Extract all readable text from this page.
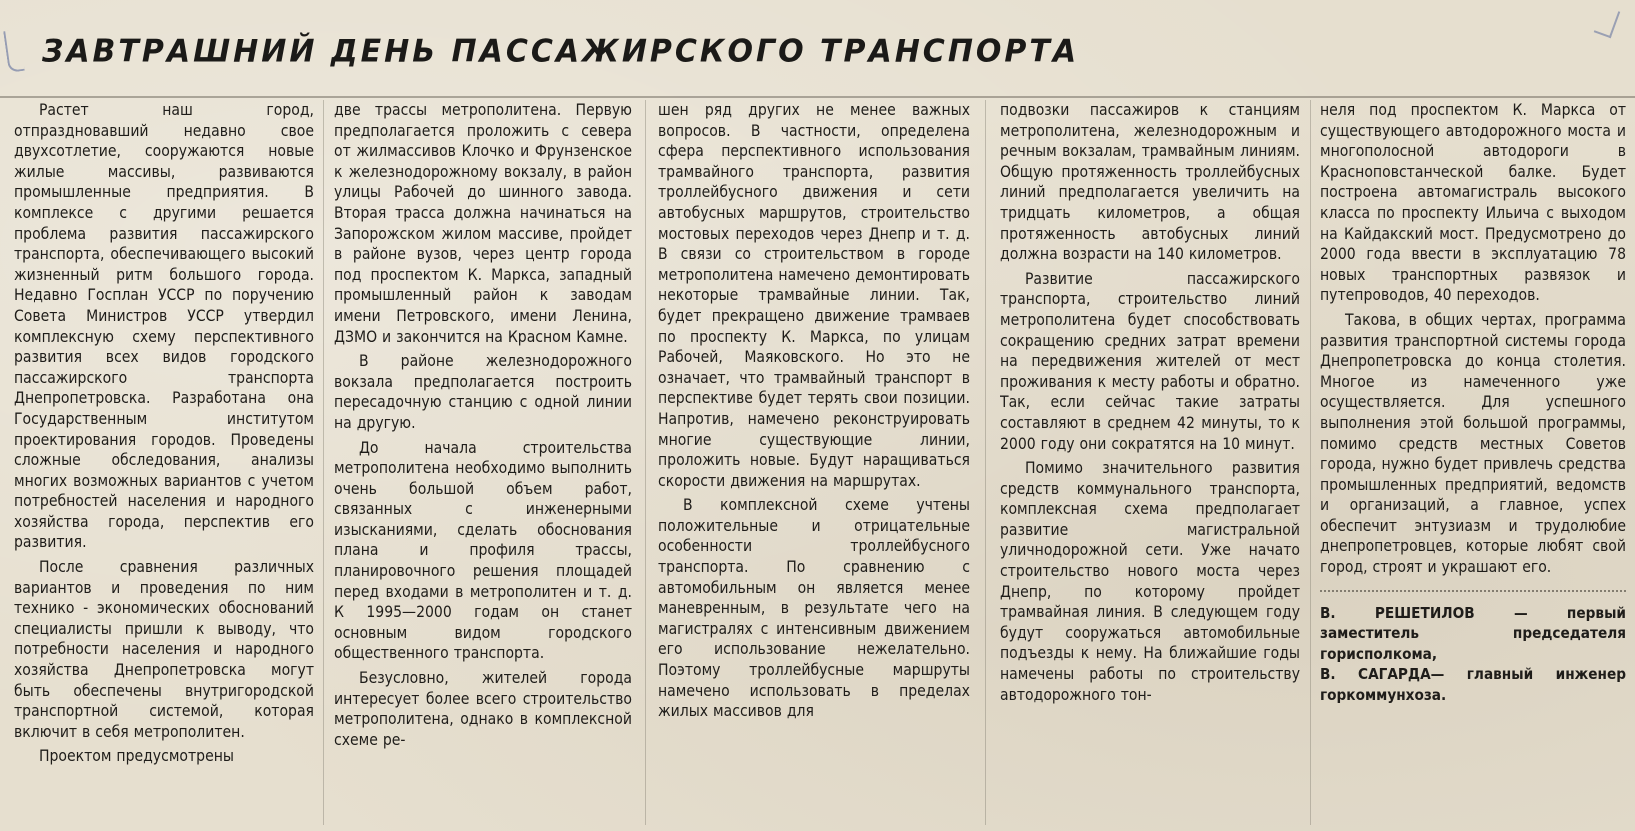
ЗАВТРАШНИЙ ДЕНЬ ПАССАЖИРСКОГО ТРАНСПОРТА

Растет наш город, отпраздновавший недавно свое двухсотлетие, сооружаются новые жилые массивы, развиваются промышленные предприятия. В комплексе с другими решается проблема развития пассажирского транспорта, обеспечивающего высокий жизненный ритм большого города. Недавно Госплан УССР по поручению Совета Министров УССР утвердил комплексную схему перспективного развития всех видов городского пассажирского транспорта Днепропетровска. Разработана она Государственным институтом проектирования городов. Проведены сложные обследования, анализы многих возможных вариантов с учетом потребностей населения и народного хозяйства города, перспектив его развития.

После сравнения различных вариантов и проведения по ним технико - экономических обоснований специалисты пришли к выводу, что потребности населения и народного хозяйства Днепропетровска могут быть обеспечены внутригородской транспортной системой, которая включит в себя метрополитен.

Проектом предусмотрены

две трассы метрополитена. Первую предполагается проложить с севера от жилмассивов Клочко и Фрунзенское к железнодорожному вокзалу, в район улицы Рабочей до шинного завода. Вторая трасса должна начинаться на Запорожском жилом массиве, пройдет в районе вузов, через центр города под проспектом К. Маркса, западный промышленный район к заводам имени Петровского, имени Ленина, ДЗМО и закончится на Красном Камне.

В районе железнодорожного вокзала предполагается построить пересадочную станцию с одной линии на другую.

До начала строительства метрополитена необходимо выполнить очень большой объем работ, связанных с инженерными изысканиями, сделать обоснования плана и профиля трассы, планировочного решения площадей перед входами в метрополитен и т. д. К 1995—2000 годам он станет основным видом городского общественного транспорта.

Безусловно, жителей города интересует более всего строительство метрополитена, однако в комплексной схеме ре-

шен ряд других не менее важных вопросов. В частности, определена сфера перспективного использования трамвайного транспорта, развития троллейбусного движения и сети автобусных маршрутов, строительство мостовых переходов через Днепр и т. д. В связи со строительством в городе метрополитена намечено демонтировать некоторые трамвайные линии. Так, будет прекращено движение трамваев по проспекту К. Маркса, по улицам Рабочей, Маяковского. Но это не означает, что трамвайный транспорт в перспективе будет терять свои позиции. Напротив, намечено реконструировать многие существующие линии, проложить новые. Будут наращиваться скорости движения на маршрутах.

В комплексной схеме учтены положительные и отрицательные особенности троллейбусного транспорта. По сравнению с автомобильным он является менее маневренным, в результате чего на магистралях с интенсивным движением его использование нежелательно. Поэтому троллейбусные маршруты намечено использовать в пределах жилых массивов для

подвозки пассажиров к станциям метрополитена, железнодорожным и речным вокзалам, трамвайным линиям. Общую протяженность троллейбусных линий предполагается увеличить на тридцать километров, а общая протяженность автобусных линий должна возрасти на 140 километров.

Развитие пассажирского транспорта, строительство линий метрополитена будет способствовать сокращению средних затрат времени на передвижения жителей от мест проживания к месту работы и обратно. Так, если сейчас такие затраты составляют в среднем 42 минуты, то к 2000 году они сократятся на 10 минут.

Помимо значительного развития средств коммунального транспорта, комплексная схема предполагает развитие магистральной уличнодорожной сети. Уже начато строительство нового моста через Днепр, по которому пройдет трамвайная линия. В следующем году будут сооружаться автомобильные подъезды к нему. На ближайшие годы намечены работы по строительству автодорожного тон-

неля под проспектом К. Маркса от существующего автодорожного моста и многополосной автодороги в Красноповстанческой балке. Будет построена автомагистраль высокого класса по проспекту Ильича с выходом на Кайдакский мост. Предусмотрено до 2000 года ввести в эксплуатацию 78 новых транспортных развязок и путепроводов, 40 переходов.

Такова, в общих чертах, программа развития транспортной системы города Днепропетровска до конца столетия. Многое из намеченного уже осуществляется. Для успешного выполнения этой большой программы, помимо средств местных Советов города, нужно будет привлечь средства промышленных предприятий, ведомств и организаций, а главное, успех обеспечит энтузиазм и трудолюбие днепропетровцев, которые любят свой город, строят и украшают его.

В. РЕШЕТИЛОВ — первый заместитель председателя горисполкома,

В. САГАРДА— главный инженер горкоммунхоза.
